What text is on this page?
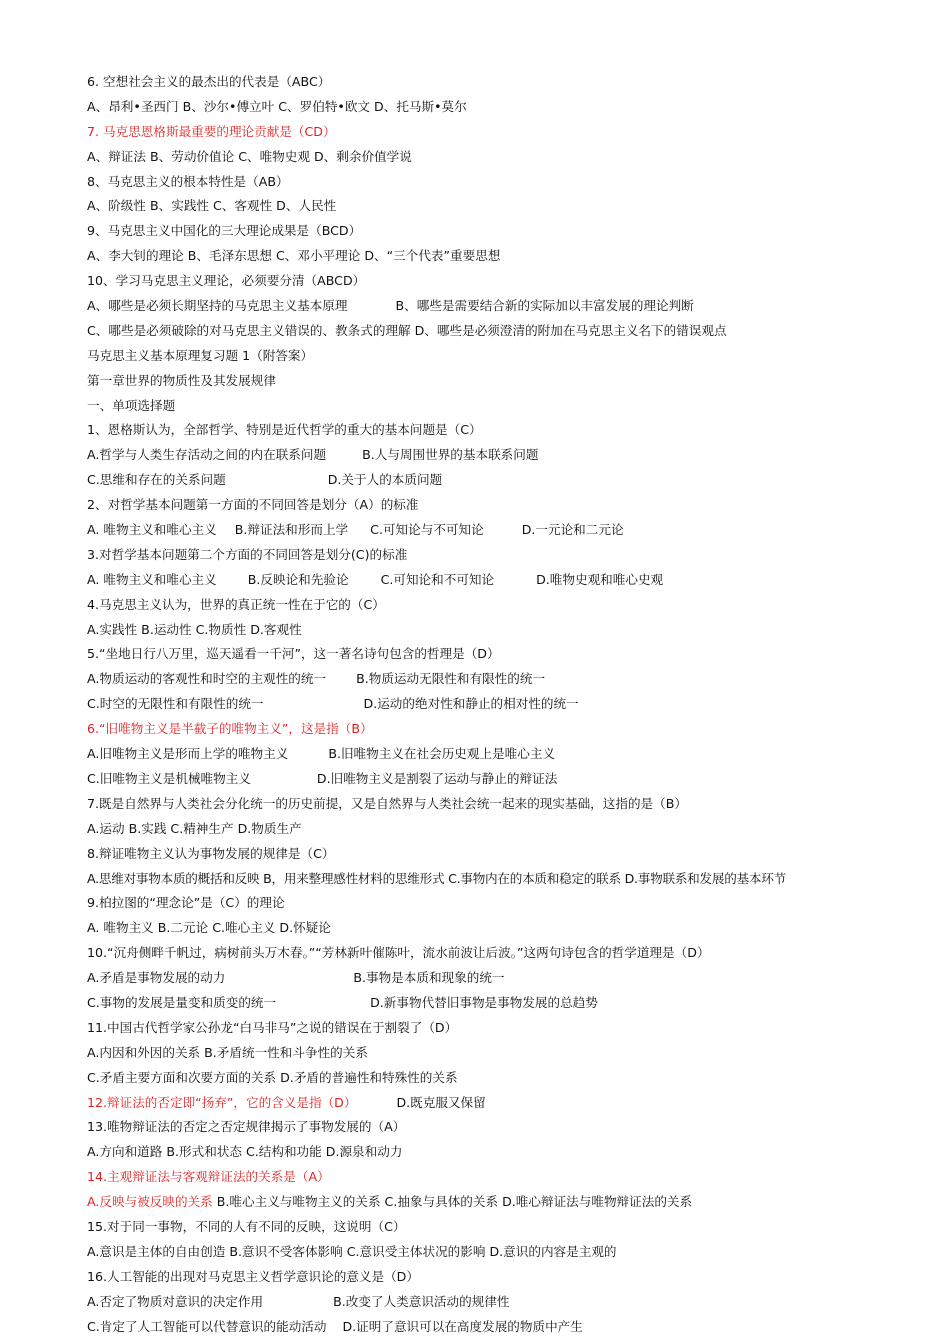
6. 空想社会主义的最杰出的代表是（ABC）
A、昂利•圣西门 B、沙尔•傅立叶 C、罗伯特•欧文 D、托马斯•莫尔
7. 马克思恩格斯最重要的理论贡献是（CD）
A、辩证法 B、劳动价值论 C、唯物史观 D、剩余价值学说
8、马克思主义的根本特性是（AB）
A、阶级性 B、实践性 C、客观性 D、人民性
9、马克思主义中国化的三大理论成果是（BCD）
A、李大钊的理论 B、毛泽东思想 C、邓小平理论 D、“三个代表”重要思想
10、学习马克思主义理论，必须要分清（ABCD）
A、哪些是必须长期坚持的马克思主义基本原理	B、哪些是需要结合新的实际加以丰富发展的理论判断
C、哪些是必须破除的对马克思主义错误的、教条式的理解 D、哪些是必须澄清的附加在马克思主义名下的错误观点
马克思主义基本原理复习题 1（附答案）
第一章世界的物质性及其发展规律
一、单项选择题
1、恩格斯认为，全部哲学、特别是近代哲学的重大的基本问题是（C）
A.哲学与人类生存活动之间的内在联系问题	B.人与周围世界的基本联系问题
C.思维和存在的关系问题	D.关于人的本质问题
2、对哲学基本问题第一方面的不同回答是划分（A）的标准
A. 唯物主义和唯心主义 B.辩证法和形而上学 C.可知论与不可知论	D.一元论和二元论
3.对哲学基本问题第二个方面的不同回答是划分(C)的标准
A. 唯物主义和唯心主义 B.反映论和先验论	C.可知论和不可知论	D.唯物史观和唯心史观
4.马克思主义认为，世界的真正统一性在于它的（C）
A.实践性 B.运动性 C.物质性 D.客观性
5.“坐地日行八万里，巡天遥看一千河”，这一著名诗句包含的哲理是（D）
A.物质运动的客观性和时空的主观性的统一 B.物质运动无限性和有限性的统一
C.时空的无限性和有限性的统一	D.运动的绝对性和静止的相对性的统一
6.“旧唯物主义是半截子的唯物主义”，这是指（B）
A.旧唯物主义是形而上学的唯物主义	B.旧唯物主义在社会历史观上是唯心主义
C.旧唯物主义是机械唯物主义	D.旧唯物主义是割裂了运动与静止的辩证法
7.既是自然界与人类社会分化统一的历史前提，又是自然界与人类社会统一起来的现实基础，这指的是（B）
A.运动 B.实践 C.精神生产 D.物质生产
8.辩证唯物主义认为事物发展的规律是（C）
A.思维对事物本质的概括和反映 B，用来整理感性材料的思维形式 C.事物内在的本质和稳定的联系 D.事物联系和发展的基本环节
9.柏拉图的“理念论”是（C）的理论
A. 唯物主义 B.二元论 C.唯心主义 D.怀疑论
10.“沉舟侧畔千帆过，病树前头万木春。”“芳林新叶催陈叶，流水前波让后波。”这两句诗包含的哲学道理是（D）
A.矛盾是事物发展的动力	B.事物是本质和现象的统一
C.事物的发展是量变和质变的统一	D.新事物代替旧事物是事物发展的总趋势
11.中国古代哲学家公孙龙“白马非马”之说的错误在于割裂了（D）
A.内因和外因的关系 B.矛盾统一性和斗争性的关系
C.矛盾主要方面和次要方面的关系 D.矛盾的普遍性和特殊性的关系
12.辩证法的否定即“扬弃”，它的含义是指（D）	D.既克服又保留
13.唯物辩证法的否定之否定规律揭示了事物发展的（A）
A.方向和道路 B.形式和状态 C.结构和功能 D.源泉和动力
14.主观辩证法与客观辩证法的关系是（A）
A.反映与被反映的关系 B.唯心主义与唯物主义的关系 C.抽象与具体的关系 D.唯心辩证法与唯物辩证法的关系
15.对于同一事物，不同的人有不同的反映，这说明（C）
A.意识是主体的自由创造 B.意识不受客体影响 C.意识受主体状况的影响 D.意识的内容是主观的
16.人工智能的出现对马克思主义哲学意识论的意义是（D）
A.否定了物质对意识的决定作用	B.改变了人类意识活动的规律性
C.肯定了人工智能可以代替意识的能动活动 D.证明了意识可以在高度发展的物质中产生
